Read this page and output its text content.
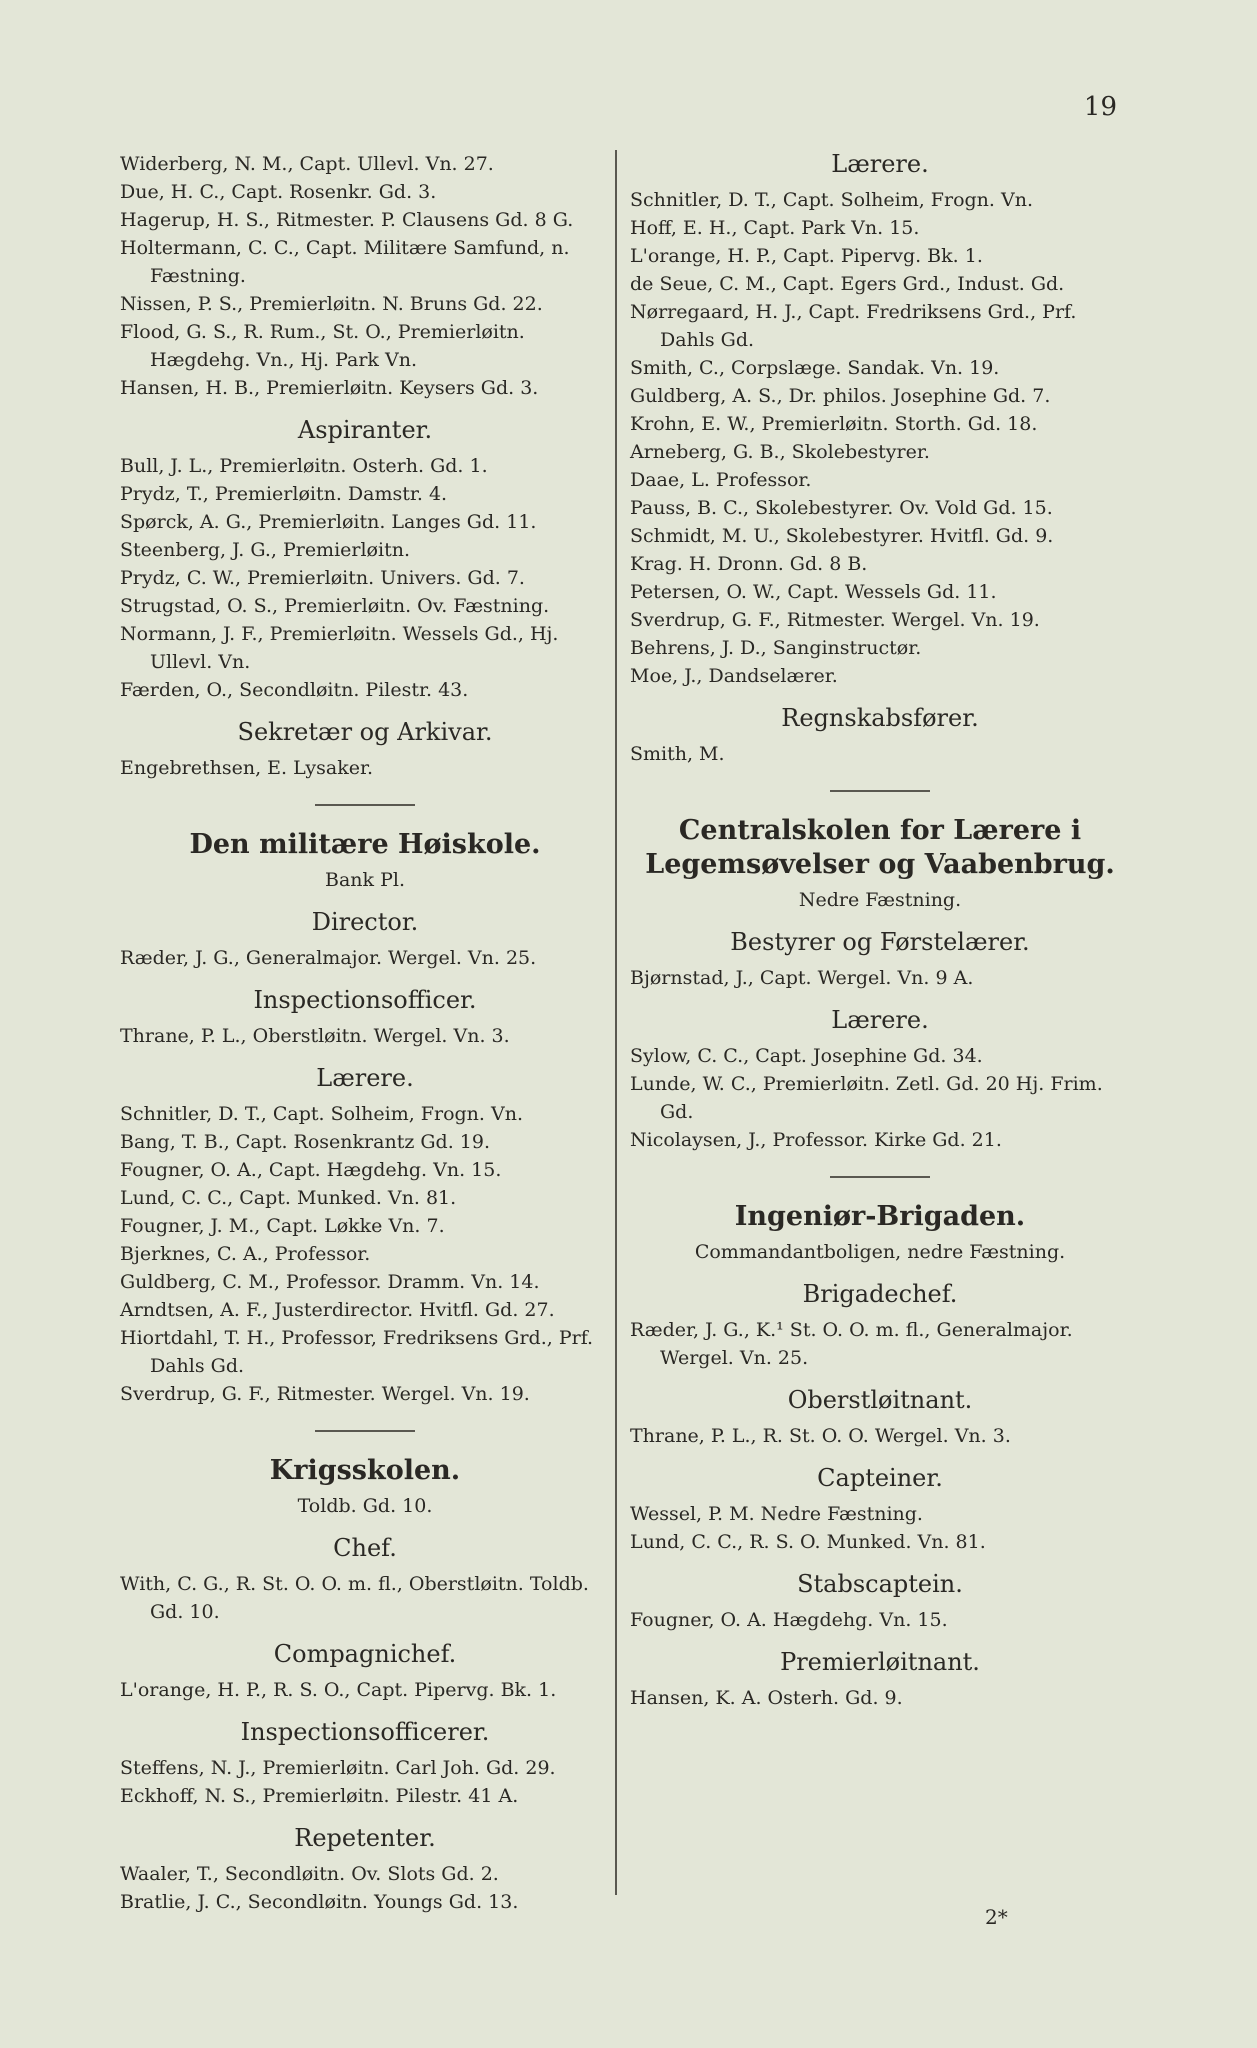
19
Widerberg, N. M., Capt. Ullevl. Vn. 27.
Due, H. C., Capt. Rosenkr. Gd. 3.
Hagerup, H. S., Ritmester. P. Clausens Gd. 8 G.
Holtermann, C. C., Capt. Militære Samfund, n. Fæstning.
Nissen, P. S., Premierløitn. N. Bruns Gd. 22.
Flood, G. S., R. Rum., St. O., Premierløitn. Hægdehg. Vn., Hj. Park Vn.
Hansen, H. B., Premierløitn. Keysers Gd. 3.
Aspiranter.
Bull, J. L., Premierløitn. Osterh. Gd. 1.
Prydz, T., Premierløitn. Damstr. 4.
Spørck, A. G., Premierløitn. Langes Gd. 11.
Steenberg, J. G., Premierløitn.
Prydz, C. W., Premierløitn. Univers. Gd. 7.
Strugstad, O. S., Premierløitn. Ov. Fæstning.
Normann, J. F., Premierløitn. Wessels Gd., Hj. Ullevl. Vn.
Færden, O., Secondløitn. Pilestr. 43.
Sekretær og Arkivar.
Engebrethsen, E. Lysaker.
Den militære Høiskole.
Bank Pl.
Director.
Ræder, J. G., Generalmajor. Wergel. Vn. 25.
Inspectionsofficer.
Thrane, P. L., Oberstløitn. Wergel. Vn. 3.
Lærere.
Schnitler, D. T., Capt. Solheim, Frogn. Vn.
Bang, T. B., Capt. Rosenkrantz Gd. 19.
Fougner, O. A., Capt. Hægdehg. Vn. 15.
Lund, C. C., Capt. Munked. Vn. 81.
Fougner, J. M., Capt. Løkke Vn. 7.
Bjerknes, C. A., Professor.
Guldberg, C. M., Professor. Dramm. Vn. 14.
Arndtsen, A. F., Justerdirector. Hvitfl. Gd. 27.
Hiortdahl, T. H., Professor, Fredriksens Grd., Prf. Dahls Gd.
Sverdrup, G. F., Ritmester. Wergel. Vn. 19.
Krigsskolen.
Toldb. Gd. 10.
Chef.
With, C. G., R. St. O. O. m. fl., Oberstløitn. Toldb. Gd. 10.
Compagnichef.
L'orange, H. P., R. S. O., Capt. Pipervg. Bk. 1.
Inspectionsofficerer.
Steffens, N. J., Premierløitn. Carl Joh. Gd. 29.
Eckhoff, N. S., Premierløitn. Pilestr. 41 A.
Repetenter.
Waaler, T., Secondløitn. Ov. Slots Gd. 2.
Bratlie, J. C., Secondløitn. Youngs Gd. 13.
Lærere.
Schnitler, D. T., Capt. Solheim, Frogn. Vn.
Hoff, E. H., Capt. Park Vn. 15.
L'orange, H. P., Capt. Pipervg. Bk. 1.
de Seue, C. M., Capt. Egers Grd., Indust. Gd.
Nørregaard, H. J., Capt. Fredriksens Grd., Prf. Dahls Gd.
Smith, C., Corpslæge. Sandak. Vn. 19.
Guldberg, A. S., Dr. philos. Josephine Gd. 7.
Krohn, E. W., Premierløitn. Storth. Gd. 18.
Arneberg, G. B., Skolebestyrer.
Daae, L. Professor.
Pauss, B. C., Skolebestyrer. Ov. Vold Gd. 15.
Schmidt, M. U., Skolebestyrer. Hvitfl. Gd. 9.
Krag. H. Dronn. Gd. 8 B.
Petersen, O. W., Capt. Wessels Gd. 11.
Sverdrup, G. F., Ritmester. Wergel. Vn. 19.
Behrens, J. D., Sanginstructør.
Moe, J., Dandselærer.
Regnskabsfører.
Smith, M.
Centralskolen for Lærere i Legemsøvelser og Vaabenbrug.
Nedre Fæstning.
Bestyrer og Førstelærer.
Bjørnstad, J., Capt. Wergel. Vn. 9 A.
Lærere.
Sylow, C. C., Capt. Josephine Gd. 34.
Lunde, W. C., Premierløitn. Zetl. Gd. 20 Hj. Frim. Gd.
Nicolaysen, J., Professor. Kirke Gd. 21.
Ingeniør-Brigaden.
Commandantboligen, nedre Fæstning.
Brigadechef.
Ræder, J. G., K.¹ St. O. O. m. fl., Generalmajor. Wergel. Vn. 25.
Oberstløitnant.
Thrane, P. L., R. St. O. O. Wergel. Vn. 3.
Capteiner.
Wessel, P. M. Nedre Fæstning.
Lund, C. C., R. S. O. Munked. Vn. 81.
Stabscaptein.
Fougner, O. A. Hægdehg. Vn. 15.
Premierløitnant.
Hansen, K. A. Osterh. Gd. 9.
2*
